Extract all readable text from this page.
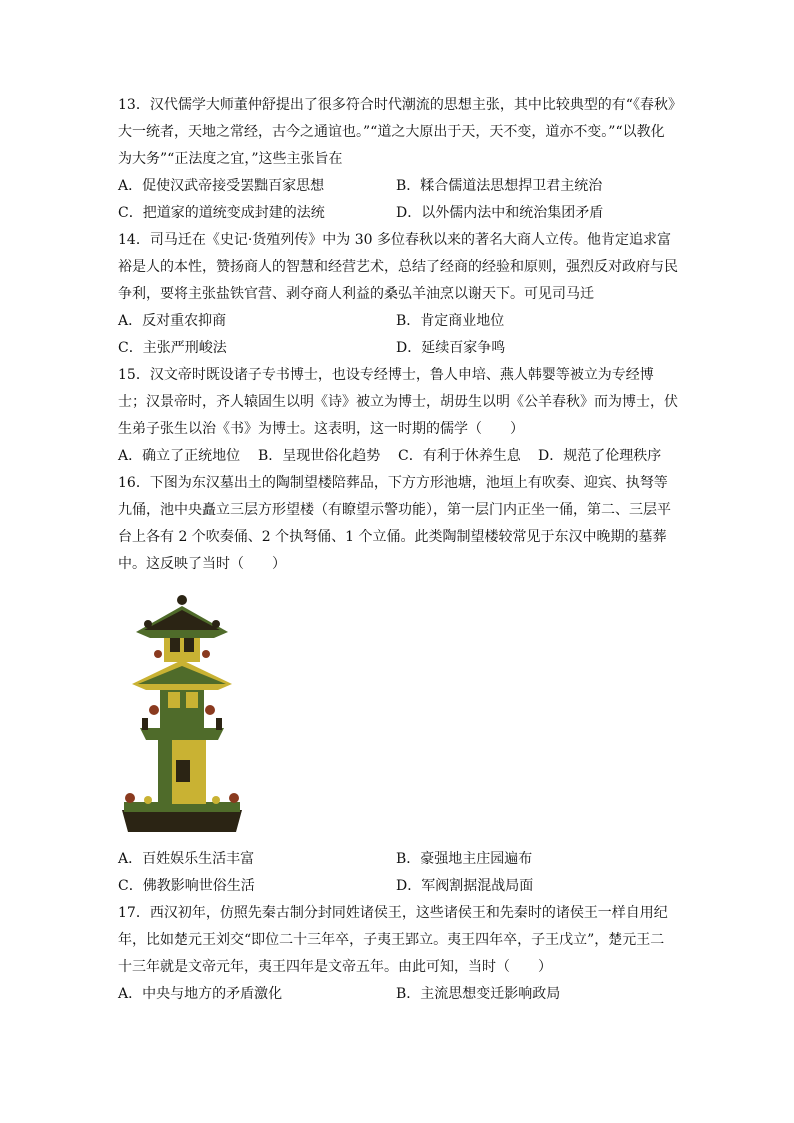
13．汉代儒学大师董仲舒提出了很多符合时代潮流的思想主张，其中比较典型的有“《春秋》大一统者，天地之常经，古今之通谊也。”“道之大原出于天，天不变，道亦不变。”“以教化为大务”“正法度之宜，”这些主张旨在

A．促使汉武帝接受罢黜百家思想	B．糅合儒道法思想捍卫君主统治
C．把道家的道统变成封建的法统	D．以外儒内法中和统治集团矛盾

14．司马迁在《史记·货殖列传》中为 30 多位春秋以来的著名大商人立传。他肯定追求富裕是人的本性，赞扬商人的智慧和经营艺术，总结了经商的经验和原则，强烈反对政府与民争利，要将主张盐铁官营、剥夺商人利益的桑弘羊油烹以谢天下。可见司马迁

A．反对重农抑商	B．肯定商业地位
C．主张严刑峻法	D．延续百家争鸣

15．汉文帝时既设诸子专书博士，也设专经博士，鲁人申培、燕人韩婴等被立为专经博士；汉景帝时，齐人辕固生以明《诗》被立为博士，胡毋生以明《公羊春秋》而为博士，伏生弟子张生以治《书》为博士。这表明，这一时期的儒学（　　）

A．确立了正统地位	B．呈现世俗化趋势	C．有利于休养生息	D．规范了伦理秩序

16．下图为东汉墓出土的陶制望楼陪葬品，下方方形池塘，池垣上有吹奏、迎宾、执弩等九俑，池中央矗立三层方形望楼（有瞭望示警功能），第一层门内正坐一俑，第二、三层平台上各有 2 个吹奏俑、2 个执弩俑、1 个立俑。此类陶制望楼较常见于东汉中晚期的墓葬中。这反映了当时（　　）

A．百姓娱乐生活丰富	B．豪强地主庄园遍布
C．佛教影响世俗生活	D．军阀割据混战局面

17．西汉初年，仿照先秦古制分封同姓诸侯王，这些诸侯王和先秦时的诸侯王一样自用纪年，比如楚元王刘交“即位二十三年卒，子夷王郢立。夷王四年卒，子王戊立”，楚元王二十三年就是文帝元年，夷王四年是文帝五年。由此可知，当时（　　）

A．中央与地方的矛盾激化	B．主流思想变迁影响政局
